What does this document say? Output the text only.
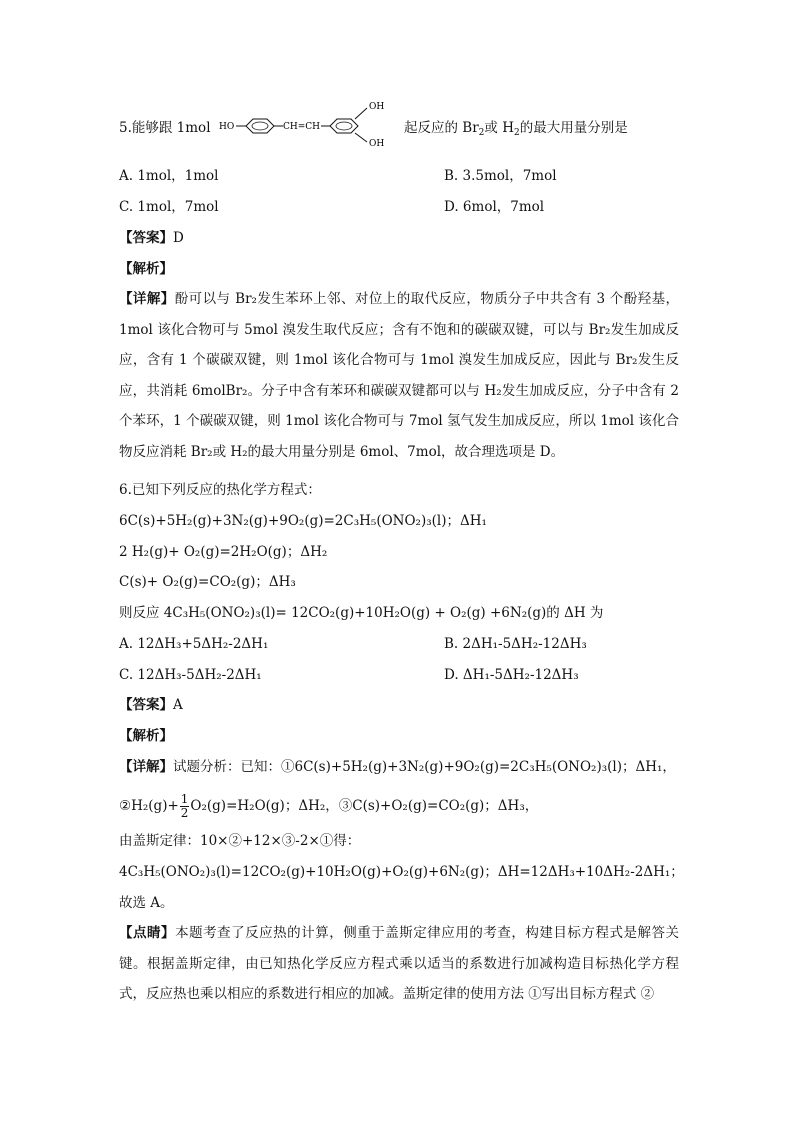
5.能够跟 1mol HO	CH=CH
OH
OH
起反应的 $Br_2$或 $H_2$的最大用量分别是
A. 1mol，1mol	B. 3.5mol，7mol
C. 1mol，7mol	D. 6mol，7mol
【答案】D
【解析】
【详解】酚可以与 Br₂发生苯环上邻、对位上的取代反应，物质分子中共含有 3 个酚羟基，1mol 该化合物可与 5mol 溴发生取代反应；含有不饱和的碳碳双键，可以与 Br₂发生加成反应，含有 1 个碳碳双键，则 1mol 该化合物可与 1mol 溴发生加成反应，因此与 Br₂发生反应，共消耗 6molBr₂。分子中含有苯环和碳碳双键都可以与 H₂发生加成反应，分子中含有 2 个苯环，1 个碳碳双键，则 1mol 该化合物可与 7mol 氢气发生加成反应，所以 1mol 该化合物反应消耗 Br₂或 H₂的最大用量分别是 6mol、7mol，故合理选项是 D。
6.已知下列反应的热化学方程式：
6C(s)+5H₂(g)+3N₂(g)+9O₂(g)=2C₃H₅(ONO₂)₃(l)；ΔH₁
2 H₂(g)+ O₂(g)=2H₂O(g)；ΔH₂
C(s)+ O₂(g)=CO₂(g)；ΔH₃
则反应 4C₃H₅(ONO₂)₃(l)= 12CO₂(g)+10H₂O(g) + O₂(g) +6N₂(g)的 ΔH 为
A. 12ΔH₃+5ΔH₂-2ΔH₁	B. 2ΔH₁-5ΔH₂-12ΔH₃
C. 12ΔH₃-5ΔH₂-2ΔH₁	D. ΔH₁-5ΔH₂-12ΔH₃
【答案】A
【解析】
【详解】试题分析：已知：①6C(s)+5H₂(g)+3N₂(g)+9O₂(g)=2C₃H₅(ONO₂)₃(l)；ΔH₁，
②H₂(g)+ $\frac{1}{2} O_2(g)=H_2O(g)$；ΔH₂，③C(s)+O₂(g)=CO₂(g)；ΔH₃，
由盖斯定律：10×②+12×③-2×①得：
4C₃H₅(ONO₂)₃(l)=12CO₂(g)+10H₂O(g)+O₂(g)+6N₂(g)；ΔH=12ΔH₃+10ΔH₂-2ΔH₁；
故选 A。
【点睛】本题考查了反应热的计算，侧重于盖斯定律应用的考查，构建目标方程式是解答关键。根据盖斯定律，由已知热化学反应方程式乘以适当的系数进行加减构造目标热化学方程式，反应热也乘以相应的系数进行相应的加减。盖斯定律的使用方法 ①写出目标方程式 ②
